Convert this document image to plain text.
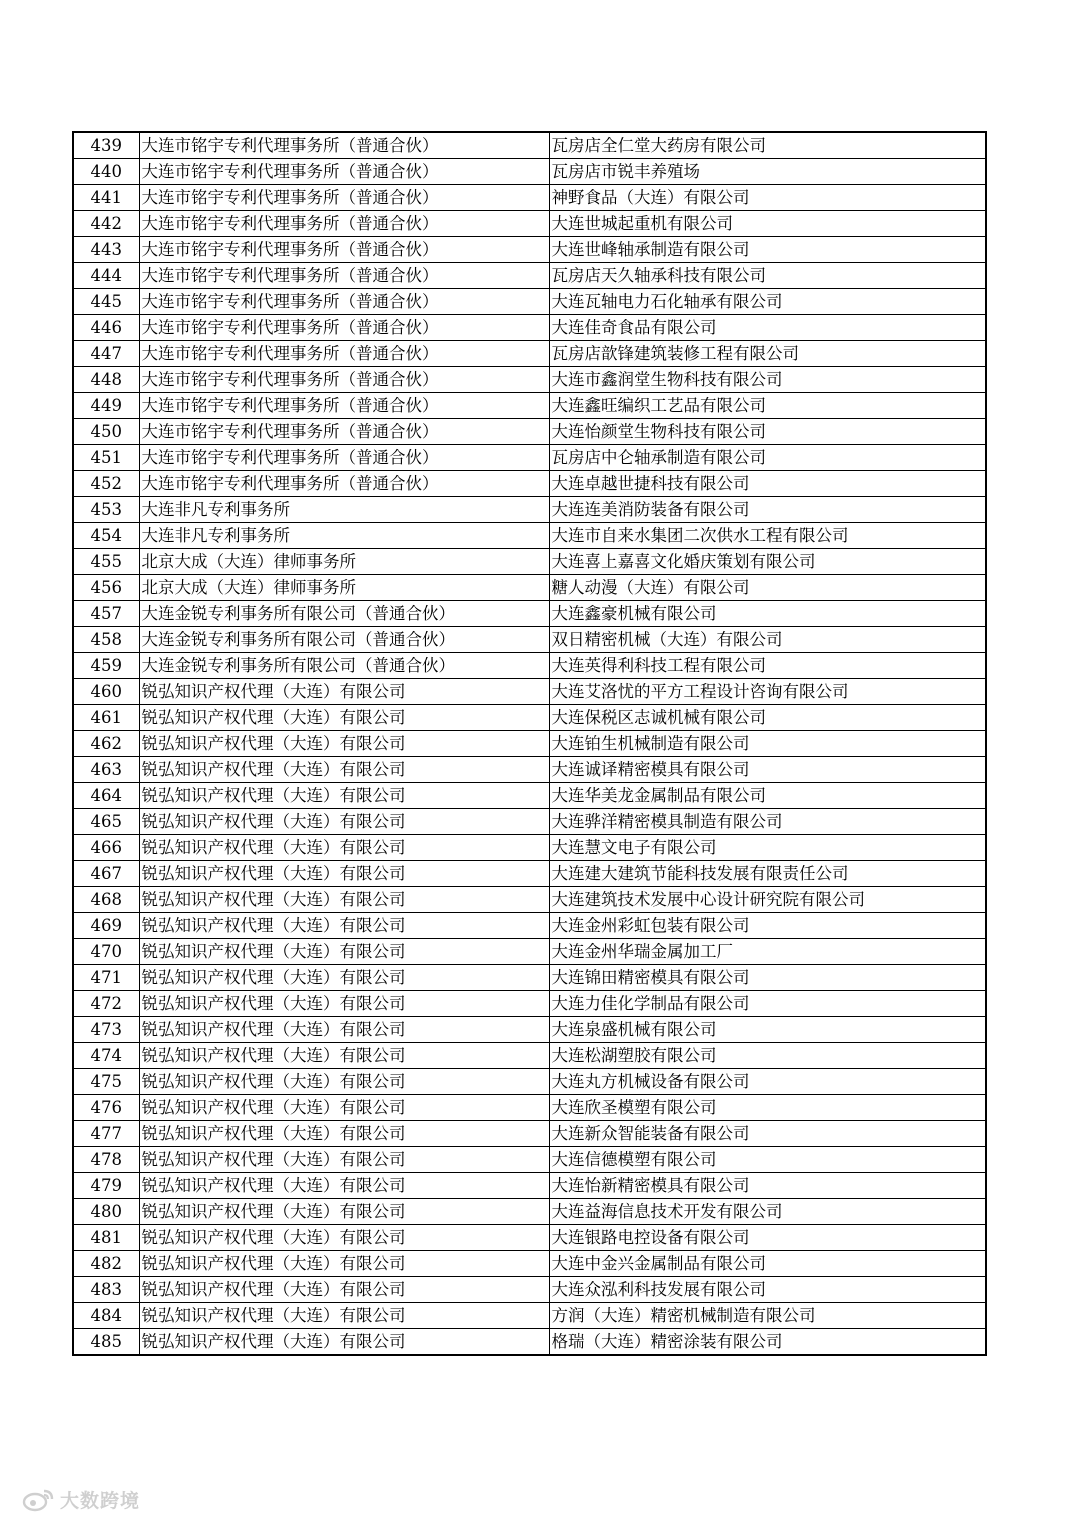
439	大连市铭宇专利代理事务所（普通合伙）	瓦房店全仁堂大药房有限公司
440	大连市铭宇专利代理事务所（普通合伙）	瓦房店市锐丰养殖场
441	大连市铭宇专利代理事务所（普通合伙）	神野食品（大连）有限公司
442	大连市铭宇专利代理事务所（普通合伙）	大连世城起重机有限公司
443	大连市铭宇专利代理事务所（普通合伙）	大连世峰轴承制造有限公司
444	大连市铭宇专利代理事务所（普通合伙）	瓦房店天久轴承科技有限公司
445	大连市铭宇专利代理事务所（普通合伙）	大连瓦轴电力石化轴承有限公司
446	大连市铭宇专利代理事务所（普通合伙）	大连佳奇食品有限公司
447	大连市铭宇专利代理事务所（普通合伙）	瓦房店歆锋建筑装修工程有限公司
448	大连市铭宇专利代理事务所（普通合伙）	大连市鑫润堂生物科技有限公司
449	大连市铭宇专利代理事务所（普通合伙）	大连鑫旺编织工艺品有限公司
450	大连市铭宇专利代理事务所（普通合伙）	大连怡颜堂生物科技有限公司
451	大连市铭宇专利代理事务所（普通合伙）	瓦房店中仑轴承制造有限公司
452	大连市铭宇专利代理事务所（普通合伙）	大连卓越世捷科技有限公司
453	大连非凡专利事务所	大连连美消防装备有限公司
454	大连非凡专利事务所	大连市自来水集团二次供水工程有限公司
455	北京大成（大连）律师事务所	大连喜上嘉喜文化婚庆策划有限公司
456	北京大成（大连）律师事务所	糖人动漫（大连）有限公司
457	大连金锐专利事务所有限公司（普通合伙）	大连鑫豪机械有限公司
458	大连金锐专利事务所有限公司（普通合伙）	双日精密机械（大连）有限公司
459	大连金锐专利事务所有限公司（普通合伙）	大连英得利科技工程有限公司
460	锐弘知识产权代理（大连）有限公司	大连艾洛忧的平方工程设计咨询有限公司
461	锐弘知识产权代理（大连）有限公司	大连保税区志诚机械有限公司
462	锐弘知识产权代理（大连）有限公司	大连铂生机械制造有限公司
463	锐弘知识产权代理（大连）有限公司	大连诚译精密模具有限公司
464	锐弘知识产权代理（大连）有限公司	大连华美龙金属制品有限公司
465	锐弘知识产权代理（大连）有限公司	大连骅洋精密模具制造有限公司
466	锐弘知识产权代理（大连）有限公司	大连慧文电子有限公司
467	锐弘知识产权代理（大连）有限公司	大连建大建筑节能科技发展有限责任公司
468	锐弘知识产权代理（大连）有限公司	大连建筑技术发展中心设计研究院有限公司
469	锐弘知识产权代理（大连）有限公司	大连金州彩虹包装有限公司
470	锐弘知识产权代理（大连）有限公司	大连金州华瑞金属加工厂
471	锐弘知识产权代理（大连）有限公司	大连锦田精密模具有限公司
472	锐弘知识产权代理（大连）有限公司	大连力佳化学制品有限公司
473	锐弘知识产权代理（大连）有限公司	大连泉盛机械有限公司
474	锐弘知识产权代理（大连）有限公司	大连松湖塑胶有限公司
475	锐弘知识产权代理（大连）有限公司	大连丸方机械设备有限公司
476	锐弘知识产权代理（大连）有限公司	大连欣圣模塑有限公司
477	锐弘知识产权代理（大连）有限公司	大连新众智能装备有限公司
478	锐弘知识产权代理（大连）有限公司	大连信德模塑有限公司
479	锐弘知识产权代理（大连）有限公司	大连怡新精密模具有限公司
480	锐弘知识产权代理（大连）有限公司	大连益海信息技术开发有限公司
481	锐弘知识产权代理（大连）有限公司	大连银路电控设备有限公司
482	锐弘知识产权代理（大连）有限公司	大连中金兴金属制品有限公司
483	锐弘知识产权代理（大连）有限公司	大连众泓利科技发展有限公司
484	锐弘知识产权代理（大连）有限公司	方润（大连）精密机械制造有限公司
485	锐弘知识产权代理（大连）有限公司	格瑞（大连）精密涂装有限公司
大数跨境
